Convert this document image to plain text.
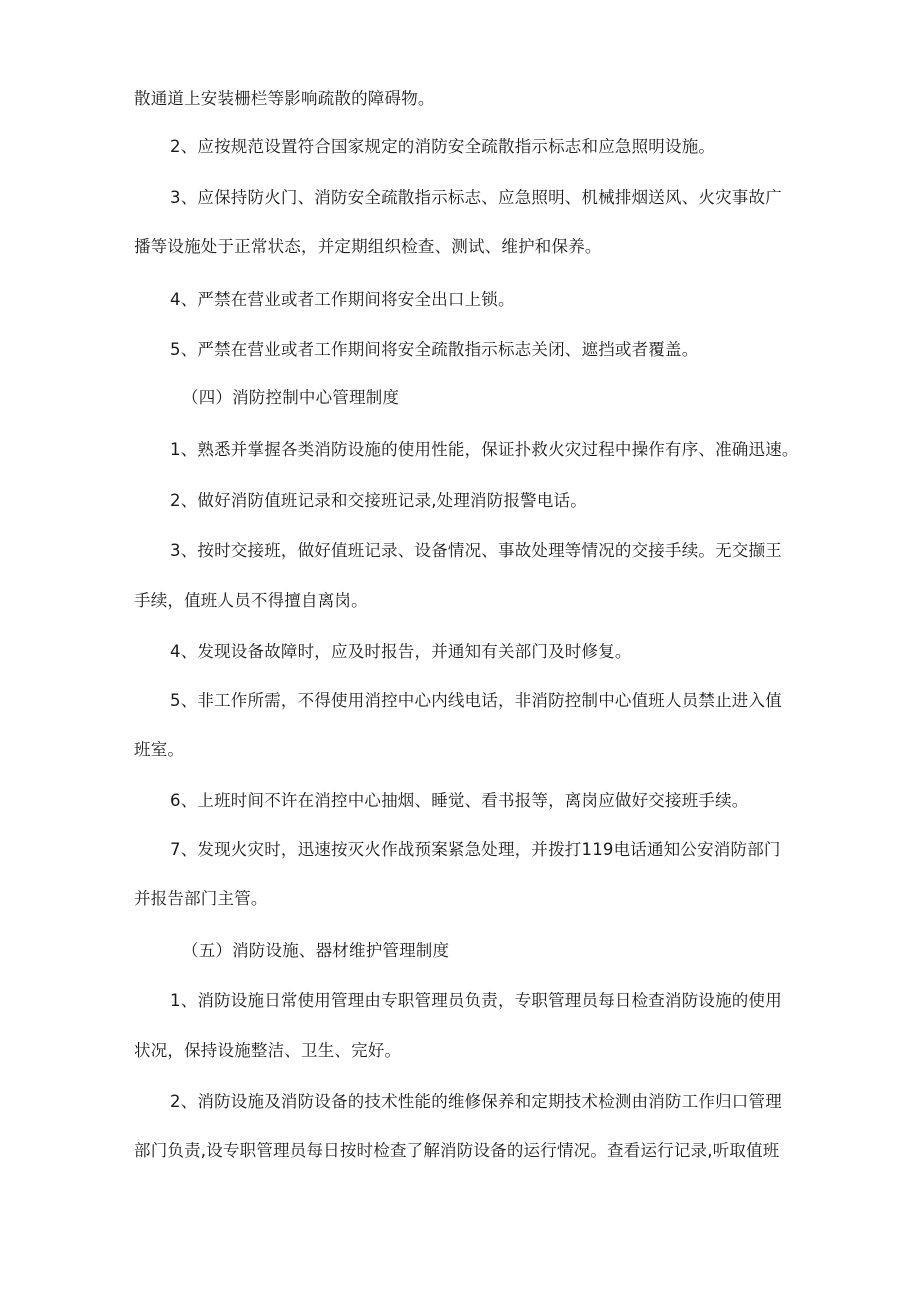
散通道上安装栅栏等影响疏散的障碍物。
2、应按规范设置符合国家规定的消防安全疏散指示标志和应急照明设施。
3、应保持防火门、消防安全疏散指示标志、应急照明、机械排烟送风、火灾事故广
播等设施处于正常状态，并定期组织检查、测试、维护和保养。
4、严禁在营业或者工作期间将安全出口上锁。
5、严禁在营业或者工作期间将安全疏散指示标志关闭、遮挡或者覆盖。
（四）消防控制中心管理制度
1、熟悉并掌握各类消防设施的使用性能，保证扑救火灾过程中操作有序、准确迅速。
2、做好消防值班记录和交接班记录,处理消防报警电话。
3、按时交接班，做好值班记录、设备情况、事故处理等情况的交接手续。无交撷王
手续，值班人员不得擅自离岗。
4、发现设备故障时，应及时报告，并通知有关部门及时修复。
5、非工作所需，不得使用消控中心内线电话，非消防控制中心值班人员禁止进入值
班室。
6、上班时间不许在消控中心抽烟、睡觉、看书报等，离岗应做好交接班手续。
7、发现火灾时，迅速按灭火作战预案紧急处理，并拨打119电话通知公安消防部门
并报告部门主管。
（五）消防设施、器材维护管理制度
1、消防设施日常使用管理由专职管理员负责，专职管理员每日检查消防设施的使用
状况，保持设施整洁、卫生、完好。
2、消防设施及消防设备的技术性能的维修保养和定期技术检测由消防工作归口管理
部门负责,设专职管理员每日按时检查了解消防设备的运行情况。查看运行记录,听取值班
